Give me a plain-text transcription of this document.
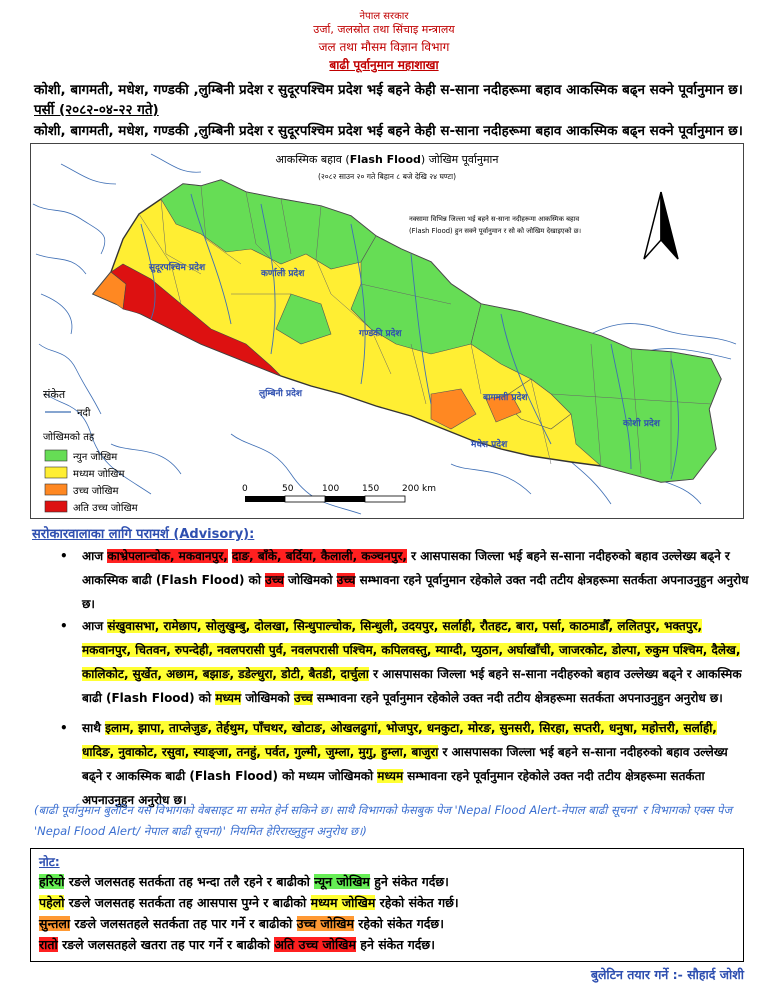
नेपाल सरकार
उर्जा, जलस्रोत तथा सिंचाइ मन्त्रालय
जल तथा मौसम विज्ञान विभाग
बाढी पूर्वानुमान महाशाखा
कोशी, बागमती, मधेश, गण्डकी ,लुम्बिनी प्रदेश र सुदूरपश्चिम प्रदेश भई बहने केही स-साना नदीहरूमा बहाव आकस्मिक बढ्न सक्ने पूर्वानुमान छ।
पर्सी (२०८२-०४-२२ गते)
कोशी, बागमती, मधेश, गण्डकी ,लुम्बिनी प्रदेश र सुदूरपश्चिम प्रदेश भई बहने केही स-साना नदीहरूमा बहाव आकस्मिक बढ्न सक्ने पूर्वानुमान छ।
सुदूरपश्चिम प्रदेश
कर्णाली प्रदेश
गण्डकी प्रदेश
लुम्बिनी प्रदेश	बागमती प्रदेश
मधेश प्रदेश
कोशी प्रदेश
आकस्मिक बहाव (Flash Flood) जोखिम पूर्वानुमान
(२०८२ साउन २० गते बिहान ८ बजे देखि २४ घण्टा)
नक्सामा विभिन्न जिल्ला भई बहने स-साना नदीहरूमा आकस्मिक बहाव
(Flash Flood) हुन सक्ने पूर्वानुमान र सो को जोखिम देखाइएको छ।
संकेत
नदी
जोखिमको तह
न्युन जोखिम
मध्यम जोखिम
उच्च जोखिम
अति उच्च जोखिम
0	50	100	150	200 km
सरोकारवालाका लागि परामर्श (Advisory):
• आज काभ्रेपलान्चोक, मकवानपुर, दाङ, बाँके, बर्दिया, कैलाली, कञ्चनपुर, र आसपासका जिल्ला भई बहने स-साना नदीहरुको बहाव उल्लेख्य बढ्ने र आकस्मिक बाढी (Flash Flood) को उच्च जोखिमको उच्च सम्भावना रहने पूर्वानुमान रहेकोले उक्त नदी तटीय क्षेत्रहरूमा सतर्कता अपनाउनुहुन अनुरोध छ।
• आज संखुवासभा, रामेछाप, सोलुखुम्बु, दोलखा, सिन्धुपाल्चोक, सिन्धुली, उदयपुर, सर्लाही, रौतहट, बारा, पर्सा, काठमाडौँ, ललितपुर, भक्तपुर, मकवानपुर, चितवन, रुपन्देही, नवलपरासी पुर्व, नवलपरासी पश्चिम, कपिलवस्तु, म्याग्दी, प्युठान, अर्घाखाँची, जाजरकोट, डोल्पा, रुकुम पश्चिम, दैलेख, कालिकोट, सुर्खेत, अछाम, बझाङ, डडेल्धुरा, डोटी, बैतडी, दार्चुला र आसपासका जिल्ला भई बहने स-साना नदीहरुको बहाव उल्लेख्य बढ्ने र आकस्मिक बाढी (Flash Flood) को मध्यम जोखिमको उच्च सम्भावना रहने पूर्वानुमान रहेकोले उक्त नदी तटीय क्षेत्रहरूमा सतर्कता अपनाउनुहुन अनुरोध छ।
• साथै इलाम, झापा, ताप्लेजुङ, तेर्हथुम, पाँचथर, खोटाङ, ओखलढुगां, भोजपुर, धनकुटा, मोरङ, सुनसरी, सिरहा, सप्तरी, धनुषा, महोत्तरी, सर्लाही, धादिङ, नुवाकोट, रसुवा, स्याङ्जा, तनहुं, पर्वत, गुल्मी, जुम्ला, मुगु, हुम्ला, बाजुरा र आसपासका जिल्ला भई बहने स-साना नदीहरुको बहाव उल्लेख्य बढ्ने र आकस्मिक बाढी (Flash Flood) को मध्यम जोखिमको मध्यम सम्भावना रहने पूर्वानुमान रहेकोले उक्त नदी तटीय क्षेत्रहरूमा सतर्कता अपनाउनुहुन अनुरोध छ।
(बाढी पूर्वानुमान बुलेटिन यस विभागको वेबसाइट मा समेत हेर्न सकिने छ। साथै विभागको फेसबुक पेज 'Nepal Flood Alert-नेपाल बाढी सूचना' र विभागको एक्स पेज 'Nepal Flood Alert/ नेपाल बाढी सूचना)' नियमित हेरिराख्नुहुन अनुरोध छ।)
नोट:
हरियो रङले जलसतह सतर्कता तह भन्दा तलै रहने र बाढीको न्यून जोखिम हुने संकेत गर्दछ।
पहेलो रङले जलसतह सतर्कता तह आसपास पुग्ने र बाढीको मध्यम जोखिम रहेको संकेत गर्छ।
सुन्तला रङले जलसतहले सतर्कता तह पार गर्ने र बाढीको उच्च जोखिम रहेको संकेत गर्दछ।
रातो रङले जलसतहले खतरा तह पार गर्ने र बाढीको अति उच्च जोखिम हने संकेत गर्दछ।
बुलेटिन तयार गर्ने :- सौहार्द जोशी
